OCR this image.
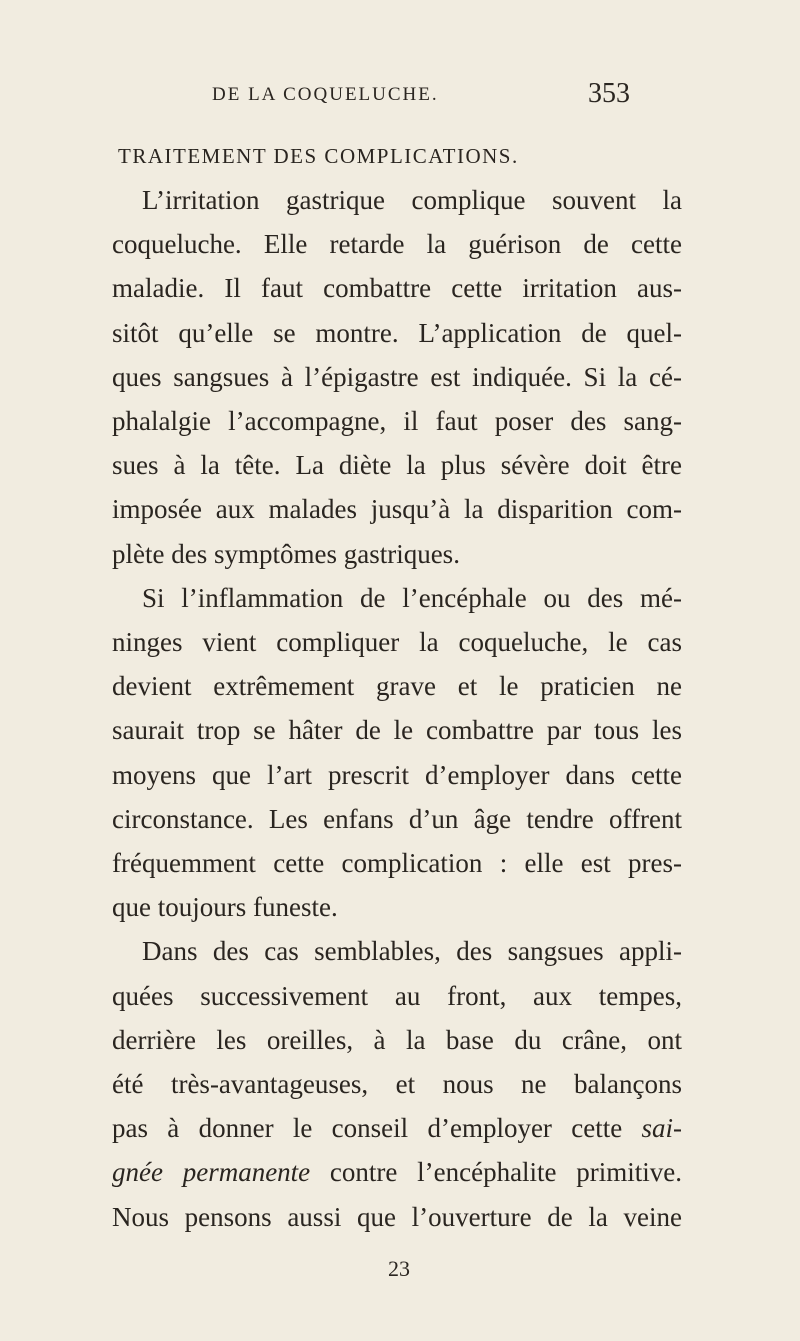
DE LA COQUELUCHE.	353
TRAITEMENT DES COMPLICATIONS.
L’irritation gastrique complique souvent la
coqueluche. Elle retarde la guérison de cette
maladie. Il faut combattre cette irritation aus-
sitôt qu’elle se montre. L’application de quel-
ques sangsues à l’épigastre est indiquée. Si la cé-
phalalgie l’accompagne, il faut poser des sang-
sues à la tête. La diète la plus sévère doit être
imposée aux malades jusqu’à la disparition com-
plète des symptômes gastriques.
Si l’inflammation de l’encéphale ou des mé-
ninges vient compliquer la coqueluche, le cas
devient extrêmement grave et le praticien ne
saurait trop se hâter de le combattre par tous les
moyens que l’art prescrit d’employer dans cette
circonstance. Les enfans d’un âge tendre offrent
fréquemment cette complication : elle est pres-
que toujours funeste.
Dans des cas semblables, des sangsues appli-
quées successivement au front, aux tempes,
derrière les oreilles, à la base du crâne, ont
été très-avantageuses, et nous ne balançons
pas à donner le conseil d’employer cette sai-
gnée permanente contre l’encéphalite primitive.
Nous pensons aussi que l’ouverture de la veine
23
